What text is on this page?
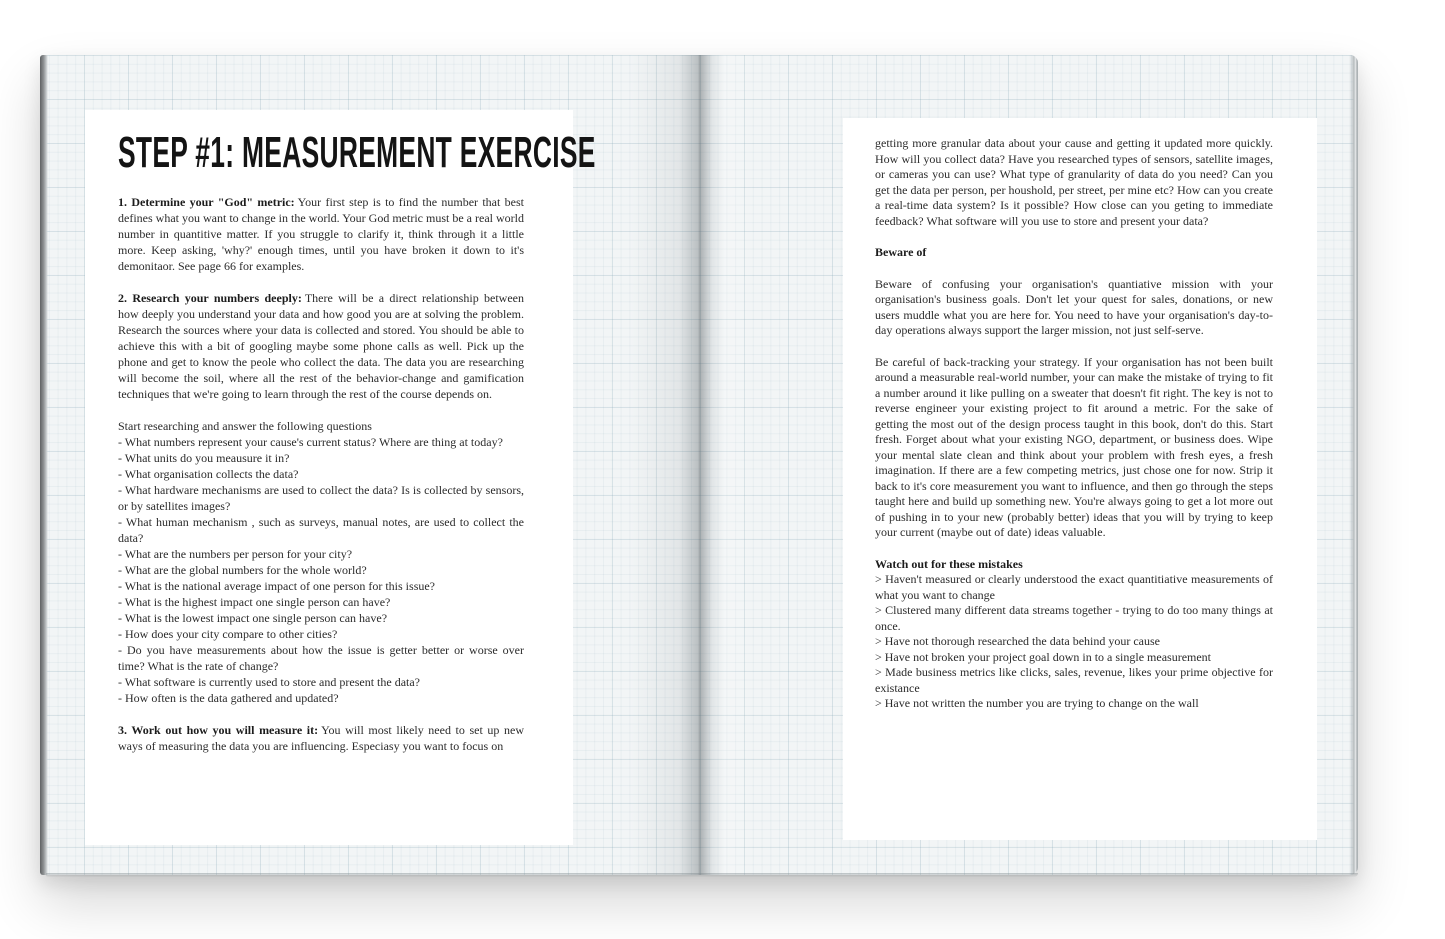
STEP #1: MEASUREMENT EXERCISE

1. Determine your "God" metric: Your first step is to find the number that best defines what you want to change in the world. Your God metric must be a real world number in quantitive matter. If you struggle to clarify it, think through it a little more. Keep asking, 'why?' enough times, until you have broken it down to it's demonitaor. See page 66 for examples.

2. Research your numbers deeply: There will be a direct relationship between how deeply you understand your data and how good you are at solving the problem. Research the sources where your data is collected and stored. You should be able to achieve this with a bit of googling maybe some phone calls as well. Pick up the phone and get to know the peole who collect the data. The data you are researching will become the soil, where all the rest of the behavior-change and gamification techniques that we're going to learn through the rest of the course depends on.

Start researching and answer the following questions

- What numbers represent your cause's current status? Where are thing at today?

- What units do you meausure it in?

- What organisation collects the data?

- What hardware mechanisms are used to collect the data? Is is collected by sensors, or by satellites images?

- What human mechanism , such as surveys, manual notes, are used to collect the data?

- What are the numbers per person for your city?

- What are the global numbers for the whole world?

- What is the national average impact of one person for this issue?

- What is the highest impact one single person can have?

- What is the lowest impact one single person can have?

- How does your city compare to other cities?

- Do you have measurements about how the issue is getter better or worse over time? What is the rate of change?

- What software is currently used to store and present the data?

- How often is the data gathered and updated?

3. Work out how you will measure it: You will most likely need to set up new ways of measuring the data you are influencing. Especiasy you want to focus on

getting more granular data about your cause and getting it updated more quickly. How will you collect data? Have you researched types of sensors, satellite images, or cameras you can use? What type of granularity of data do you need? Can you get the data per person, per houshold, per street, per mine etc? How can you create a real-time data system? Is it possible? How close can you geting to immediate feedback? What software will you use to store and present your data?

Beware of

Beware of confusing your organisation's quantiative mission with your organisation's business goals. Don't let your quest for sales, donations, or new users muddle what you are here for. You need to have your organisation's day-to-day operations always support the larger mission, not just self-serve.

Be careful of back-tracking your strategy. If your organisation has not been built around a measurable real-world number, your can make the mistake of trying to fit a number around it like pulling on a sweater that doesn't fit right. The key is not to reverse engineer your existing project to fit around a metric. For the sake of getting the most out of the design process taught in this book, don't do this. Start fresh. Forget about what your existing NGO, department, or business does. Wipe your mental slate clean and think about your problem with fresh eyes, a fresh imagination. If there are a few competing metrics, just chose one for now. Strip it back to it's core measurement you want to influence, and then go through the steps taught here and build up something new. You're always going to get a lot more out of pushing in to your new (probably better) ideas that you will by trying to keep your current (maybe out of date) ideas valuable.

Watch out for these mistakes

> Haven't measured or clearly understood the exact quantitiative measurements of what you want to change

> Clustered many different data streams together - trying to do too many things at once.

> Have not thorough researched the data behind your cause

> Have not broken your project goal down in to a single measurement

> Made business metrics like clicks, sales, revenue, likes your prime objective for existance

> Have not written the number you are trying to change on the wall
